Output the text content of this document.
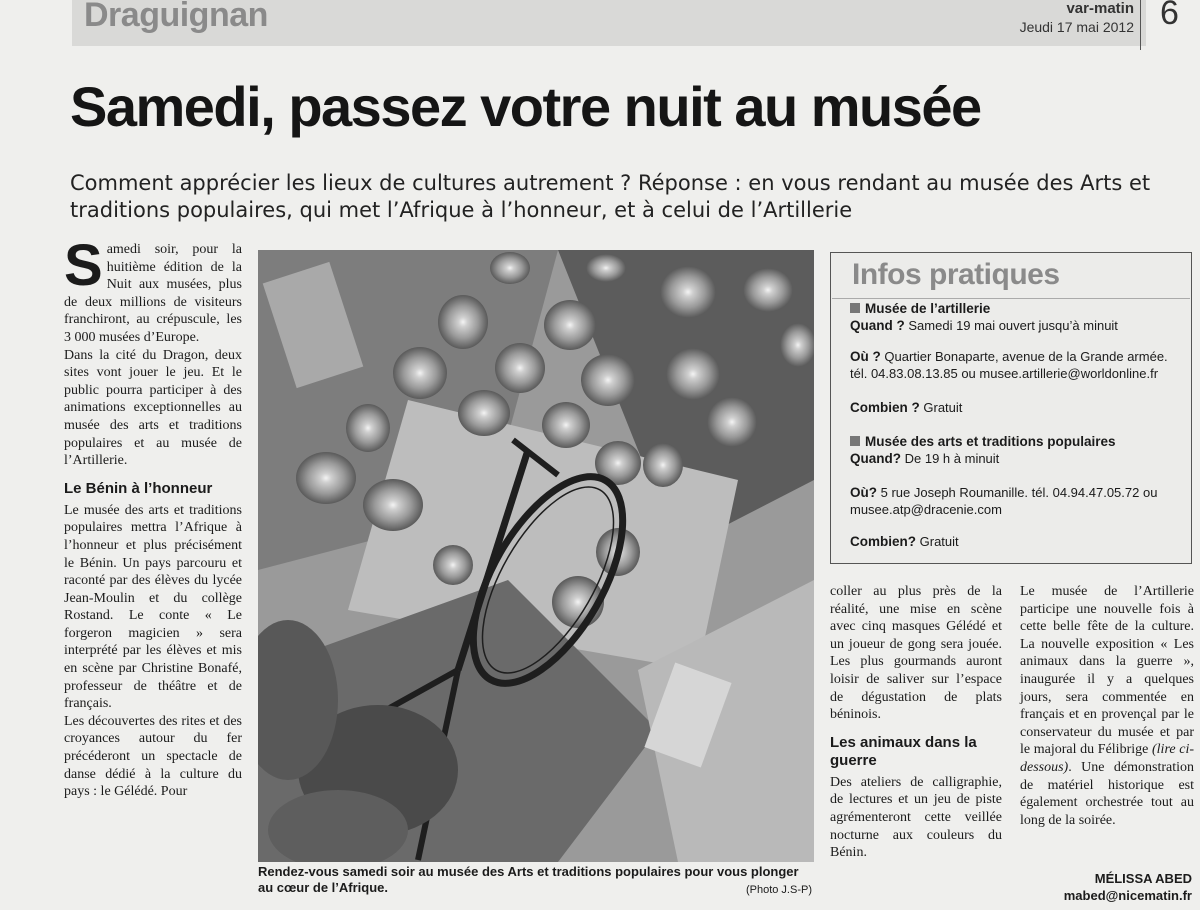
Draguignan	var-matin
Jeudi 17 mai 2012 6
Samedi, passez votre nuit au musée
Comment apprécier les lieux de cultures autrement ? Réponse : en vous rendant au musée des Arts et traditions populaires, qui met l’Afrique à l’honneur, et à celui de l’Artillerie

Samedi soir, pour la huitième édition de la Nuit aux musées, plus de deux millions de visiteurs franchiront, au crépuscule, les 3 000 musées d’Europe.

Dans la cité du Dragon, deux sites vont jouer le jeu. Et le public pourra participer à des animations exceptionnelles au musée des arts et traditions populaires et au musée de l’Artillerie.

Le Bénin à l’honneur

Le musée des arts et traditions populaires mettra l’Afrique à l’honneur et plus précisément le Bénin. Un pays parcouru et raconté par des élèves du lycée Jean-Moulin et du collège Rostand. Le conte « Le forgeron magicien » sera interprété par les élèves et mis en scène par Christine Bonafé, professeur de théâtre et de français.

Les découvertes des rites et des croyances autour du fer précéderont un spectacle de danse dédié à la culture du pays : le Gélédé. Pour

Rendez-vous samedi soir au musée des Arts et traditions populaires pour vous plonger au cœur de l’Afrique.	(Photo J.S-P)
Infos pratiques
Musée de l’artillerie
Quand ? Samedi 19 mai ouvert jusqu’à minuit
Où ? Quartier Bonaparte, avenue de la Grande armée. tél. 04.83.08.13.85 ou musee.artillerie@worldonline.fr
Combien ? Gratuit
Musée des arts et traditions populaires
Quand? De 19 h à minuit
Où? 5 rue Joseph Roumanille. tél. 04.94.47.05.72 ou musee.atp@dracenie.com
Combien? Gratuit

coller au plus près de la réalité, une mise en scène avec cinq masques Gélédé et un joueur de gong sera jouée. Les plus gourmands auront loisir de saliver sur l’espace de dégustation de plats béninois.

Les animaux dans la guerre

Des ateliers de calligraphie, de lectures et un jeu de piste agrémenteront cette veillée nocturne aux couleurs du Bénin.

Le musée de l’Artillerie participe une nouvelle fois à cette belle fête de la culture. La nouvelle exposition « Les animaux dans la guerre », inaugurée il y a quelques jours, sera commentée en français et en provençal par le conservateur du musée et par le majoral du Félibrige (lire ci-dessous). Une démonstration de matériel historique est également orchestrée tout au long de la soirée.

MÉLISSA ABED
mabed@nicematin.fr
